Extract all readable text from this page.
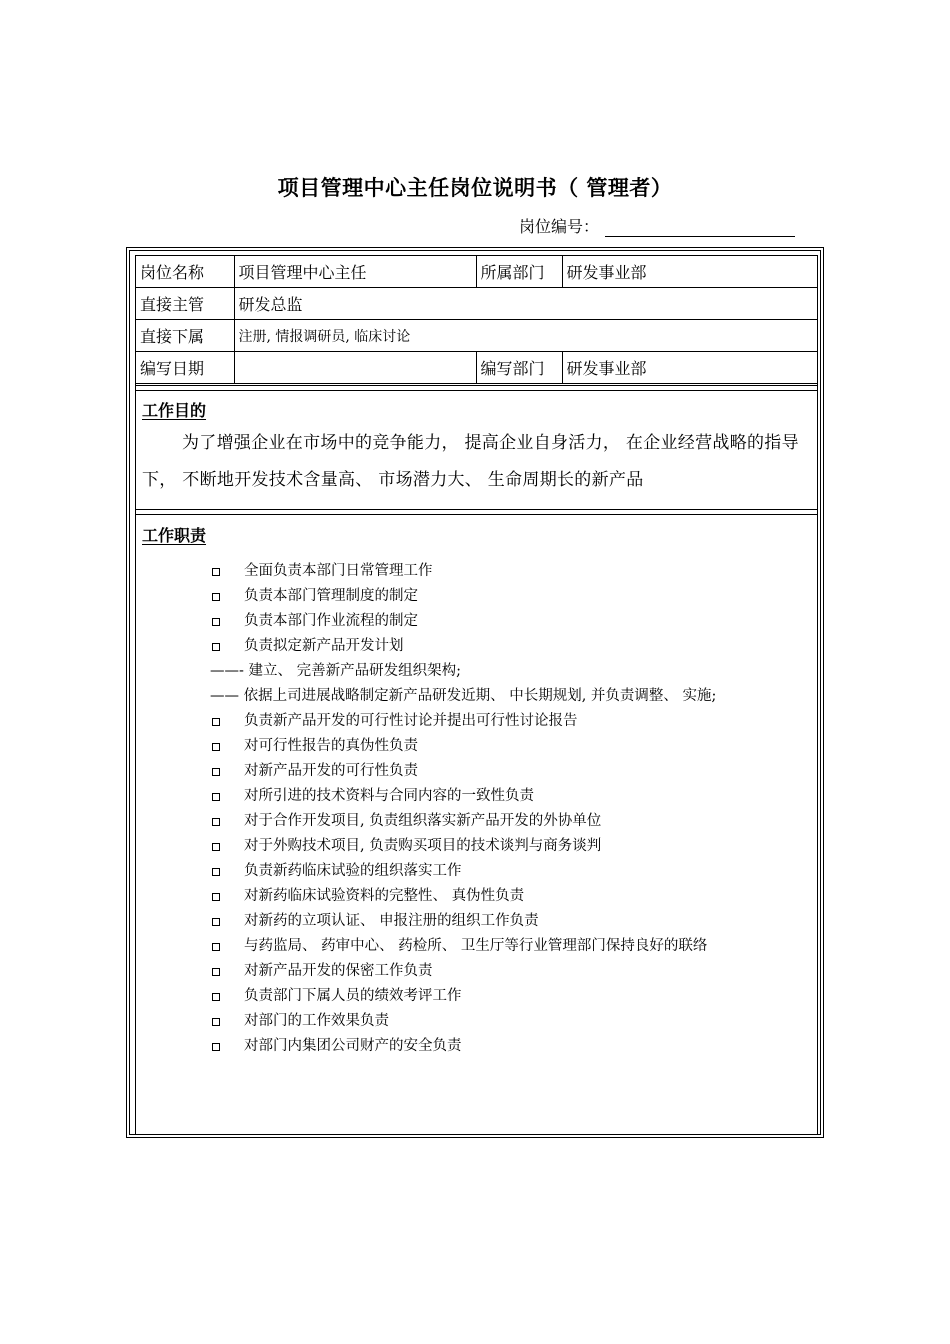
项目管理中心主任岗位说明书（ 管理者）
岗位编号：
岗位名称	项目管理中心主任	所属部门	研发事业部
直接主管	研发总监		
直接下属	注册, 情报调研员, 临床讨论		
编写日期		编写部门	研发事业部
工作目的
为了增强企业在市场中的竞争能力， 提高企业自身活力， 在企业经营战略的指导下， 不断地开发技术含量高、 市场潜力大、 生命周期长的新产品
工作职责
全面负责本部门日常管理工作
负责本部门管理制度的制定
负责本部门作业流程的制定
负责拟定新产品开发计划
——- 建立、 完善新产品研发组织架构;
—— 依据上司进展战略制定新产品研发近期、 中长期规划, 并负责调整、 实施;
负责新产品开发的可行性讨论并提出可行性讨论报告
对可行性报告的真伪性负责
对新产品开发的可行性负责
对所引进的技术资料与合同内容的一致性负责
对于合作开发项目, 负责组织落实新产品开发的外协单位
对于外购技术项目, 负责购买项目的技术谈判与商务谈判
负责新药临床试验的组织落实工作
对新药临床试验资料的完整性、 真伪性负责
对新药的立项认证、 申报注册的组织工作负责
与药监局、 药审中心、 药检所、 卫生厅等行业管理部门保持良好的联络
对新产品开发的保密工作负责
负责部门下属人员的绩效考评工作
对部门的工作效果负责
对部门内集团公司财产的安全负责
